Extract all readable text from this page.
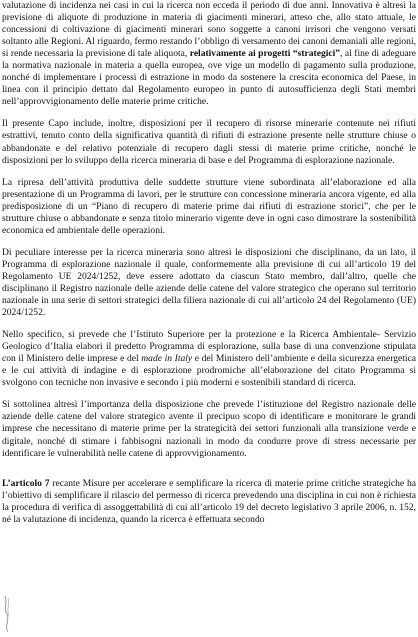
valutazione di incidenza nei casi in cui la ricerca non ecceda il periodo di due anni. Innovativa è altresì la previsione di aliquote di produzione in materia di giacimenti minerari, atteso che, allo stato attuale, le concessioni di coltivazione di giacimenti minerari sono soggette a canoni irrisori che vengono versati soltanto alle Regioni. Al riguardo, fermo restando l’obbligo di versamento dei canoni demaniali alle regioni, si rende necessaria la previsione di tale aliquota, relativamente ai progetti “strategici”, al fine di adeguare la normativa nazionale in materia a quella europea, ove vige un modello di pagamento sulla produzione, nonché di implementare i processi di estrazione in modo da sostenere la crescita economica del Paese, in linea con il principio dettato dal Regolamento europeo in punto di autosufficienza degli Stati membri nell’approvvigionamento delle materie prime critiche.

Il presente Capo include, inoltre, disposizioni per il recupero di risorse minerarie contenute nei rifiuti estrattivi, tenuto conto della significativa quantità di rifiuti di estrazione presente nelle strutture chiuse o abbandonate e del relativo potenziale di recupero dagli stessi di materie prime critiche, nonché le disposizioni per lo sviluppo della ricerca mineraria di base e del Programma di esplorazione nazionale.

La ripresa dell’attività produttiva delle suddette strutture viene subordinata all’elaborazione ed alla presentazione di un Programma di lavori, per le strutture con concessione mineraria ancora vigente, ed alla predisposizione di un “Piano di recupero di materie prime dai rifiuti di estrazione storici”, che per le strutture chiuse o abbandonate e senza titolo minerario vigente deve in ogni caso dimostrare la sostenibilità economica ed ambientale delle operazioni.

Di peculiare interesse per la ricerca mineraria sono altresì le disposizioni che disciplinano, da un lato, il Programma di esplorazione nazionale il quale, conformemente alla previsione di cui all’articolo 19 del Regolamento UE 2024/1252, deve essere adottato da ciascun Stato membro, dall’altro, quelle che disciplinano il Registro nazionale delle aziende delle catene del valore strategico che operano sul territorio nazionale in una serie di settori strategici della filiera nazionale di cui all’articolo 24 del Regolamento (UE) 2024/1252.

Nello specifico, si prevede che l’Istituto Superiore per la protezione e la Ricerca Ambientale- Servizio Geologico d’Italia elabori il predetto Programma di esplorazione, sulla base di una convenzione stipulata con il Ministero delle imprese e del made in Italy e del Ministero dell’ambiente e della sicurezza energetica e le cui attività di indagine e di esplorazione prodromiche all’elaborazione del citato Programma si svolgono con tecniche non invasive e secondo i più moderni e sostenibili standard di ricerca.

Si sottolinea altresì l’importanza della disposizione che prevede l’istituzione del Registro nazionale delle aziende delle catene del valore strategico avente il precipuo scopo di identificare e monitorare le grandi imprese che necessitano di materie prime per la strategicità dei settori funzionali alla transizione verde e digitale, nonché di stimare i fabbisogni nazionali in modo da condurre prove di stress necessarie per identificare le vulnerabilità nelle catene di approvvigionamento.

L’articolo 7 recante Misure per accelerare e semplificare la ricerca di materie prime critiche strategiche ha l’obiettivo di semplificare il rilascio del permesso di ricerca prevedendo una disciplina in cui non è richiesta la procedura di verifica di assoggettabilità di cui all’articolo 19 del decreto legislativo 3 aprile 2006, n. 152, né la valutazione di incidenza, quando la ricerca è effettuata secondo
